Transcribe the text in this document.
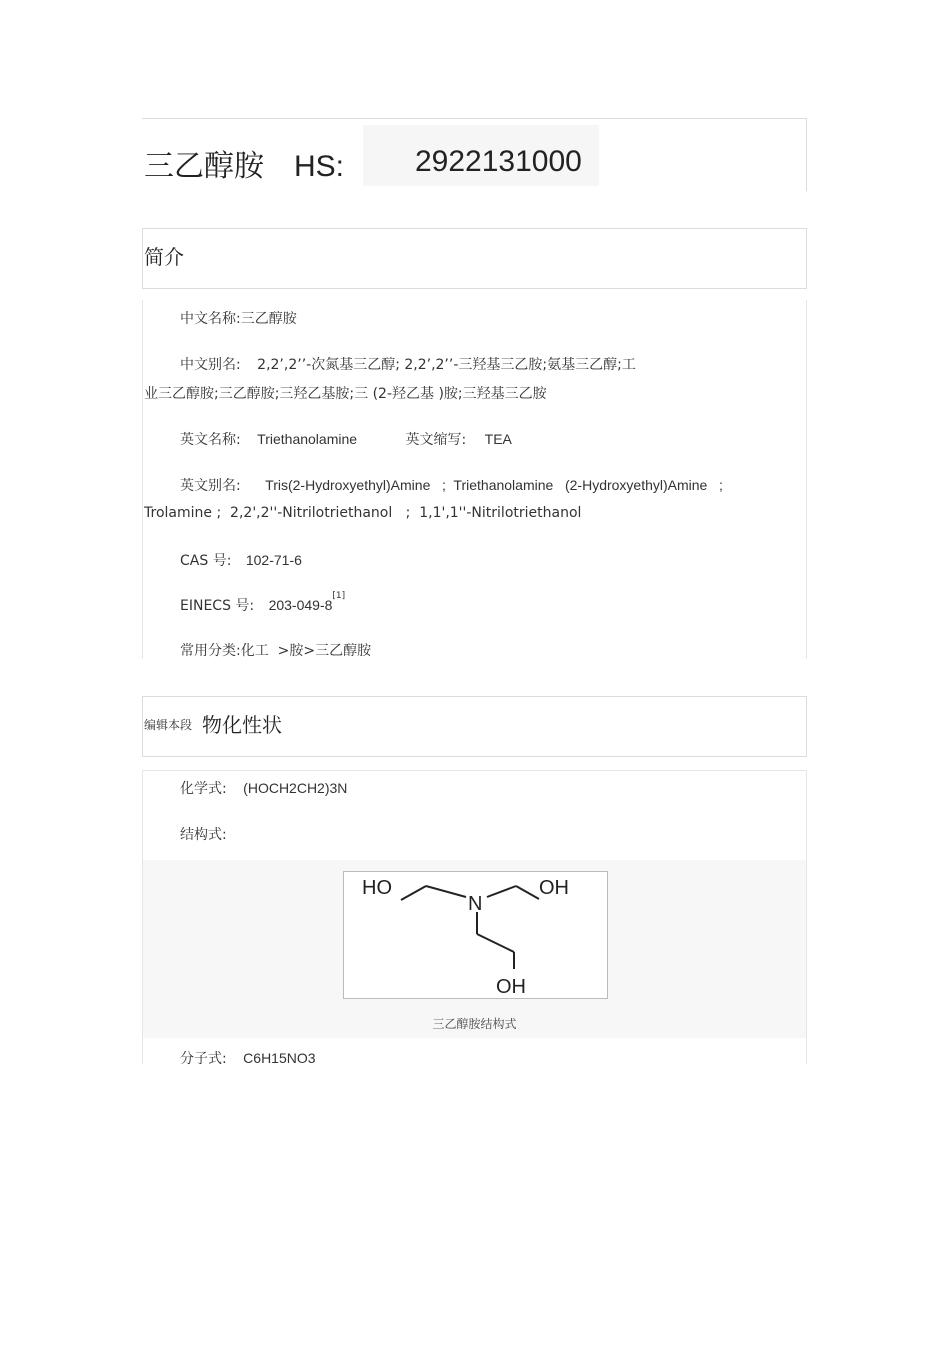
三乙醇胺 HS: 2922131000
简介
中文名称:三乙醇胺
中文别名: 2,2’,2’’-次氮基三乙醇; 2,2’,2’’-三羟基三乙胺;氨基三乙醇;工
业三乙醇胺;三乙醇胺;三羟乙基胺;三 (2-羟乙基 )胺;三羟基三乙胺
英文名称: Triethanolamine	英文缩写: TEA
英文别名: Tris(2-Hydroxyethyl)Amine   ;  Triethanolamine   (2-Hydroxyethyl)Amine   ;
Trolamine ;  2,2',2''-Nitrilotriethanol   ;  1,1',1''-Nitrilotriethanol
CAS 号: 102-71-6
EINECS 号: 203-049-8[1]
常用分类:化工  >胺>三乙醇胺
编辑本段 物化性状
化学式: (HOCH2CH2)3N
结构式:
HO
N
OH
OH
三乙醇胺结构式
分子式: C6H15NO3
